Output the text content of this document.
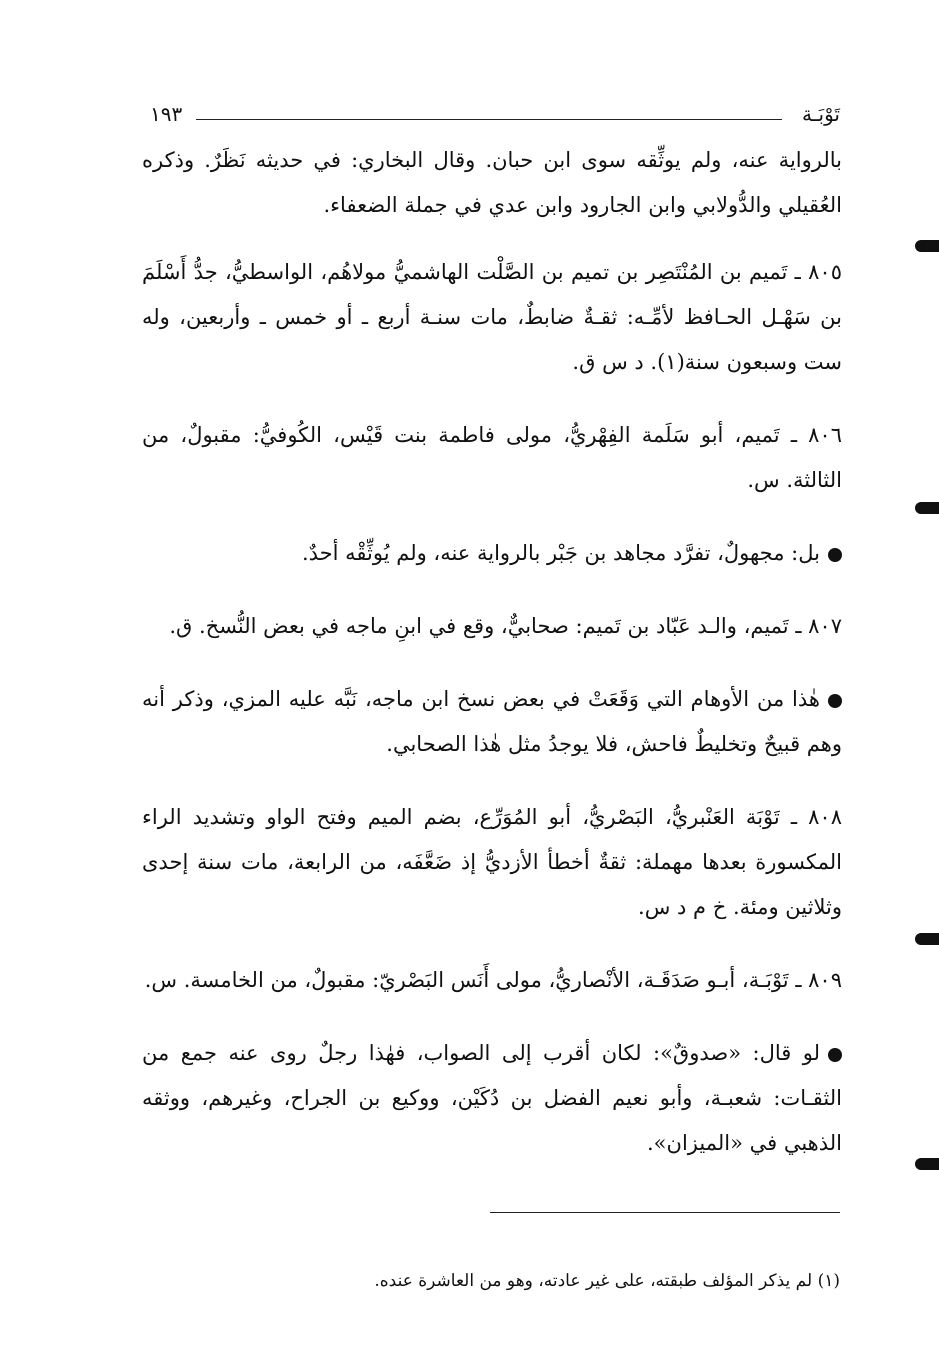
تَوْبَـة
١٩٣

بالرواية عنه، ولم يوثِّقه سوى ابن حبان. وقال البخاري: في حديثه نَظَرٌ. وذكره العُقيلي والدُّولابي وابن الجارود وابن عدي في جملة الضعفاء.

٨٠٥ ـ تَميم بن المُنْتَصِر بن تميم بن الصَّلْت الهاشميُّ مولاهُم، الواسطيُّ، جدُّ أَسْلَمَ بن سَهْـل الحـافظ لأمِّـه: ثقـةٌ ضابطٌ، مات سنـة أربع ـ أو خمس ـ وأربعين، وله ست وسبعون سنة(١). د س ق.

٨٠٦ ـ تَميم، أبو سَلَمة الفِهْريُّ، مولى فاطمة بنت قَيْس، الكُوفيُّ: مقبولٌ، من الثالثة. س.

بل: مجهولٌ، تفرَّد مجاهد بن جَبْر بالرواية عنه، ولم يُوثِّقْه أحدٌ.

٨٠٧ ـ تَميم، والـد عَبّاد بن تَميم: صحابيٌّ، وقع في ابنِ ماجه في بعض النُّسخ. ق.

هٰذا من الأوهام التي وَقَعَتْ في بعض نسخ ابن ماجه، نَبَّه عليه المزي، وذكر أنه وهم قبيحٌ وتخليطٌ فاحش، فلا يوجدُ مثل هٰذا الصحابي.

٨٠٨ ـ تَوْبَة العَنْبريُّ، البَصْريُّ، أبو المُوَرِّع، بضم الميم وفتح الواو وتشديد الراء المكسورة بعدها مهملة: ثقةٌ أخطأ الأزديُّ إذ ضَعَّفَه، من الرابعة، مات سنة إحدى وثلاثين ومئة. خ م د س.

٨٠٩ ـ تَوْبَـة، أبـو صَدَقَـة، الأنْصاريُّ، مولى أَنَس البَصْريّ: مقبولٌ، من الخامسة. س.

لو قال: «صدوقٌ»: لكان أقرب إلى الصواب، فهٰذا رجلٌ روى عنه جمع من الثقـات: شعبـة، وأبو نعيم الفضل بن دُكَيْن، ووكيع بن الجراح، وغيرهم، ووثقه الذهبي في «الميزان».

(١) لم يذكر المؤلف طبقته، على غير عادته، وهو من العاشرة عنده.
